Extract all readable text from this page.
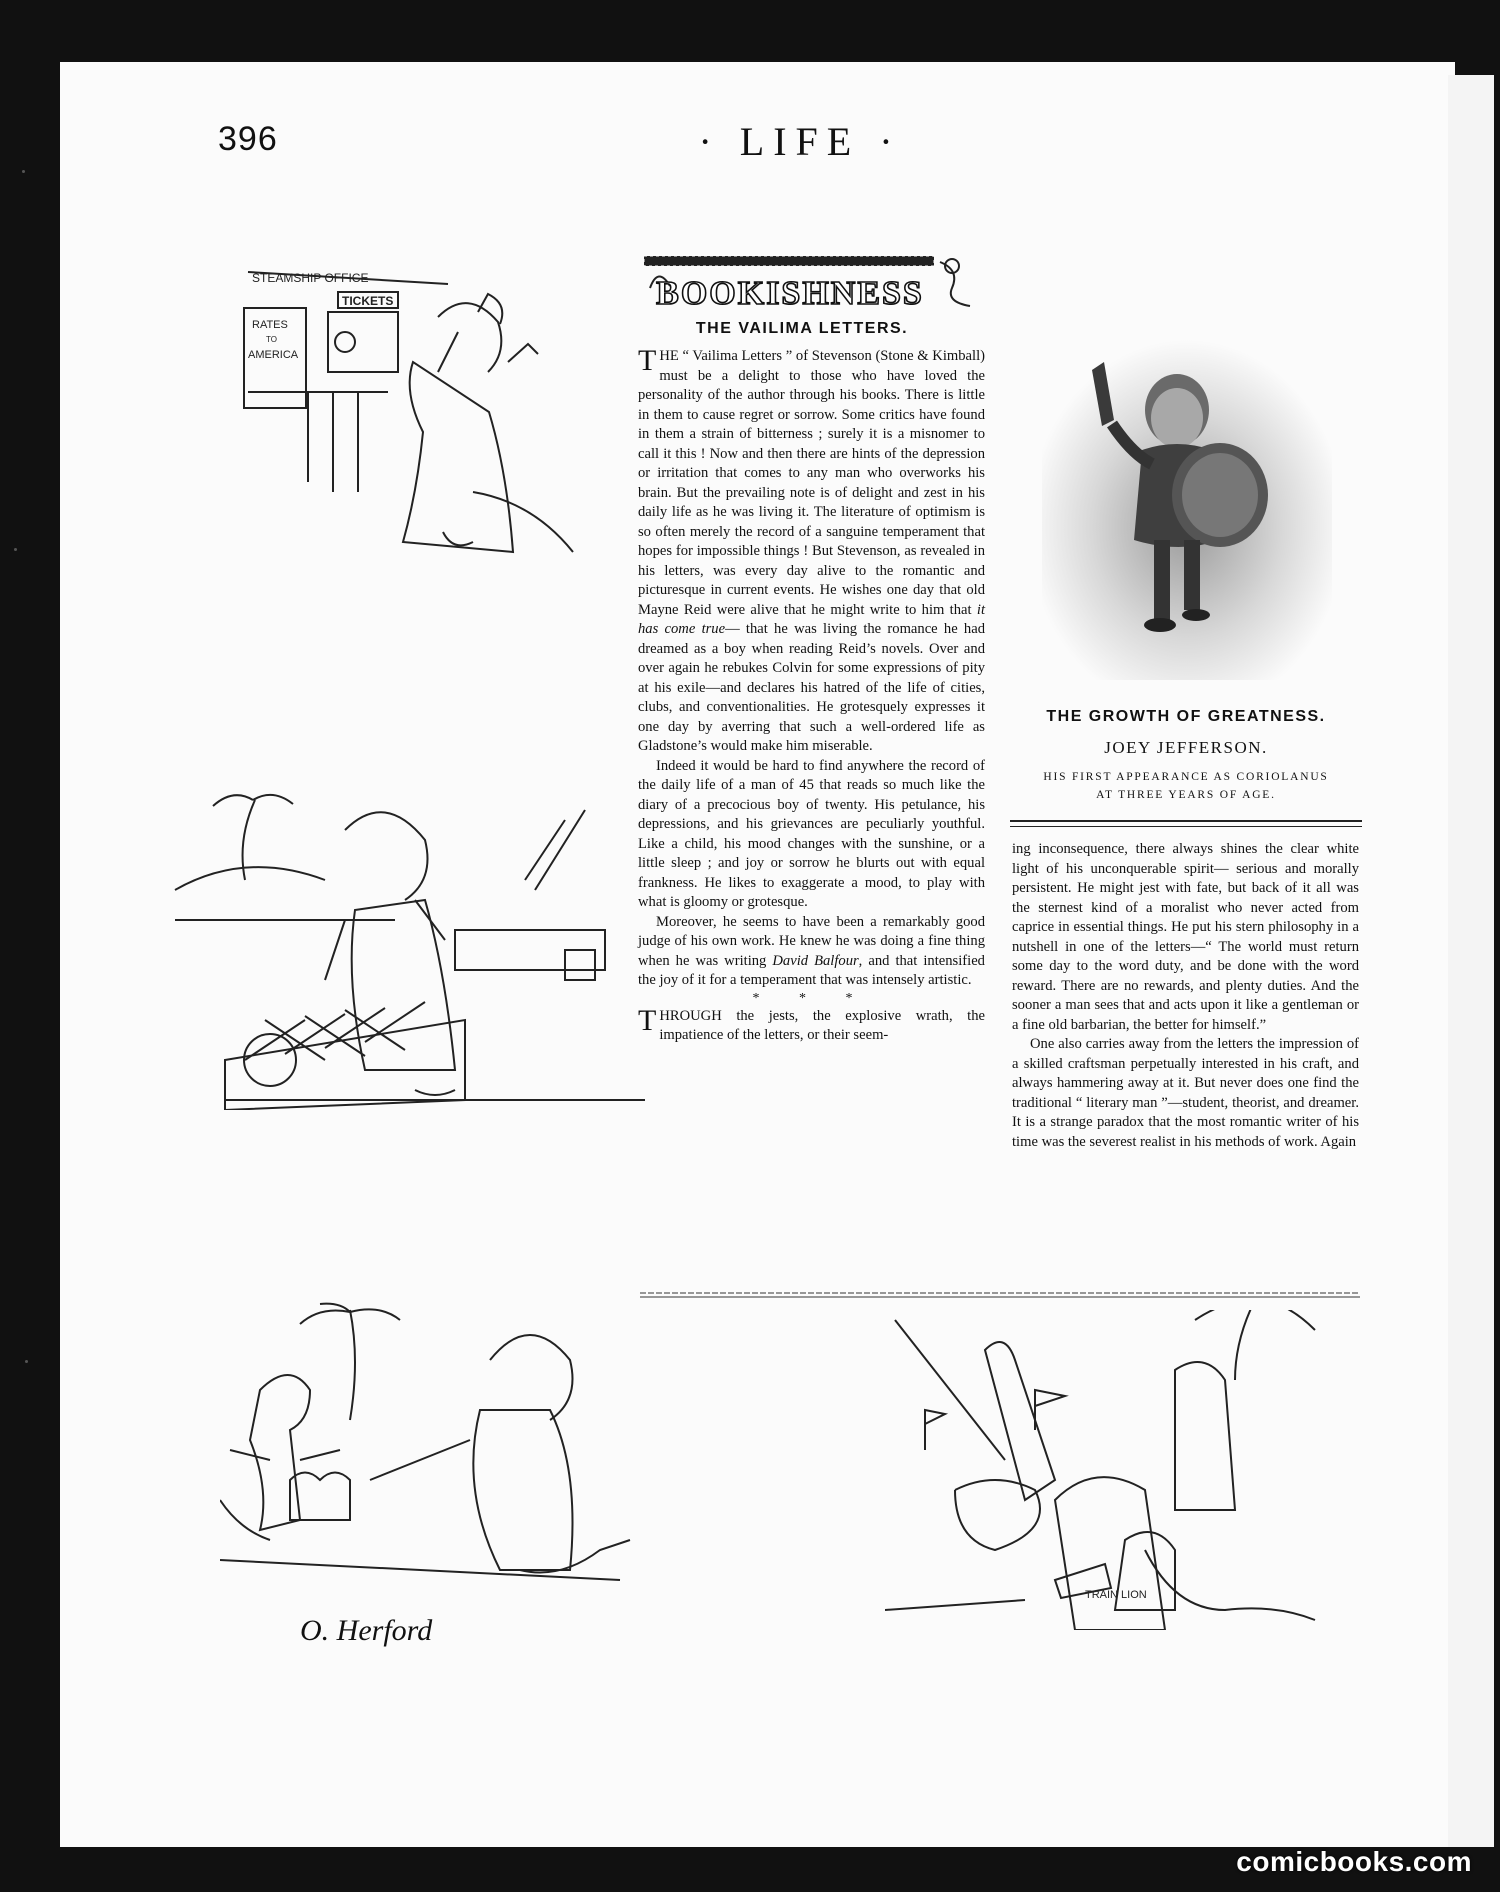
396	· LIFE ·
BOOKISHNESS
THE VAILIMA LETTERS.

THE “ Vailima Letters ” of Stevenson (Stone & Kimball) must be a delight to those who have loved the personality of the author through his books. There is little in them to cause regret or sorrow. Some critics have found in them a strain of bitterness ; surely it is a misnomer to call it this ! Now and then there are hints of the depression or irritation that comes to any man who overworks his brain. But the prevailing note is of delight and zest in his daily life as he was living it. The literature of optimism is so often merely the record of a sanguine temperament that hopes for impossible things ! But Stevenson, as revealed in his letters, was every day alive to the romantic and picturesque in current events. He wishes one day that old Mayne Reid were alive that he might write to him that it has come true— that he was living the romance he had dreamed as a boy when reading Reid’s novels. Over and over again he rebukes Colvin for some expressions of pity at his exile—and declares his hatred of the life of cities, clubs, and conventionalities. He grotesquely expresses it one day by averring that such a well-ordered life as Gladstone’s would make him miserable.

Indeed it would be hard to find anywhere the record of the daily life of a man of 45 that reads so much like the diary of a precocious boy of twenty. His petulance, his depressions, and his grievances are peculiarly youthful. Like a child, his mood changes with the sunshine, or a little sleep ; and joy or sorrow he blurts out with equal frankness. He likes to exaggerate a mood, to play with what is gloomy or grotesque.

Moreover, he seems to have been a remarkably good judge of his own work. He knew he was doing a fine thing when he was writing David Balfour, and that intensified the joy of it for a temperament that was intensely artistic.

* * *

THROUGH the jests, the explosive wrath, the impatience of the letters, or their seem-

THE GROWTH OF GREATNESS.
JOEY JEFFERSON.
HIS FIRST APPEARANCE AS CORIOLANUS
AT THREE YEARS OF AGE.

ing inconsequence, there always shines the clear white light of his unconquerable spirit— serious and morally persistent. He might jest with fate, but back of it all was the sternest kind of a moralist who never acted from caprice in essential things. He put his stern philosophy in a nutshell in one of the letters—“ The world must return some day to the word duty, and be done with the word reward. There are no rewards, and plenty duties. And the sooner a man sees that and acts upon it like a gentleman or a fine old barbarian, the better for himself.”

One also carries away from the letters the impression of a skilled craftsman perpetually interested in his craft, and always hammering away at it. But never does one find the traditional “ literary man ”—student, theorist, and dreamer. It is a strange paradox that the most romantic writer of his time was the severest realist in his methods of work. Again

STEAMSHIP OFFICE
TICKETS
RATES
TO
AMERICA
O. Herford
TRAIN LION
comicbooks.com
